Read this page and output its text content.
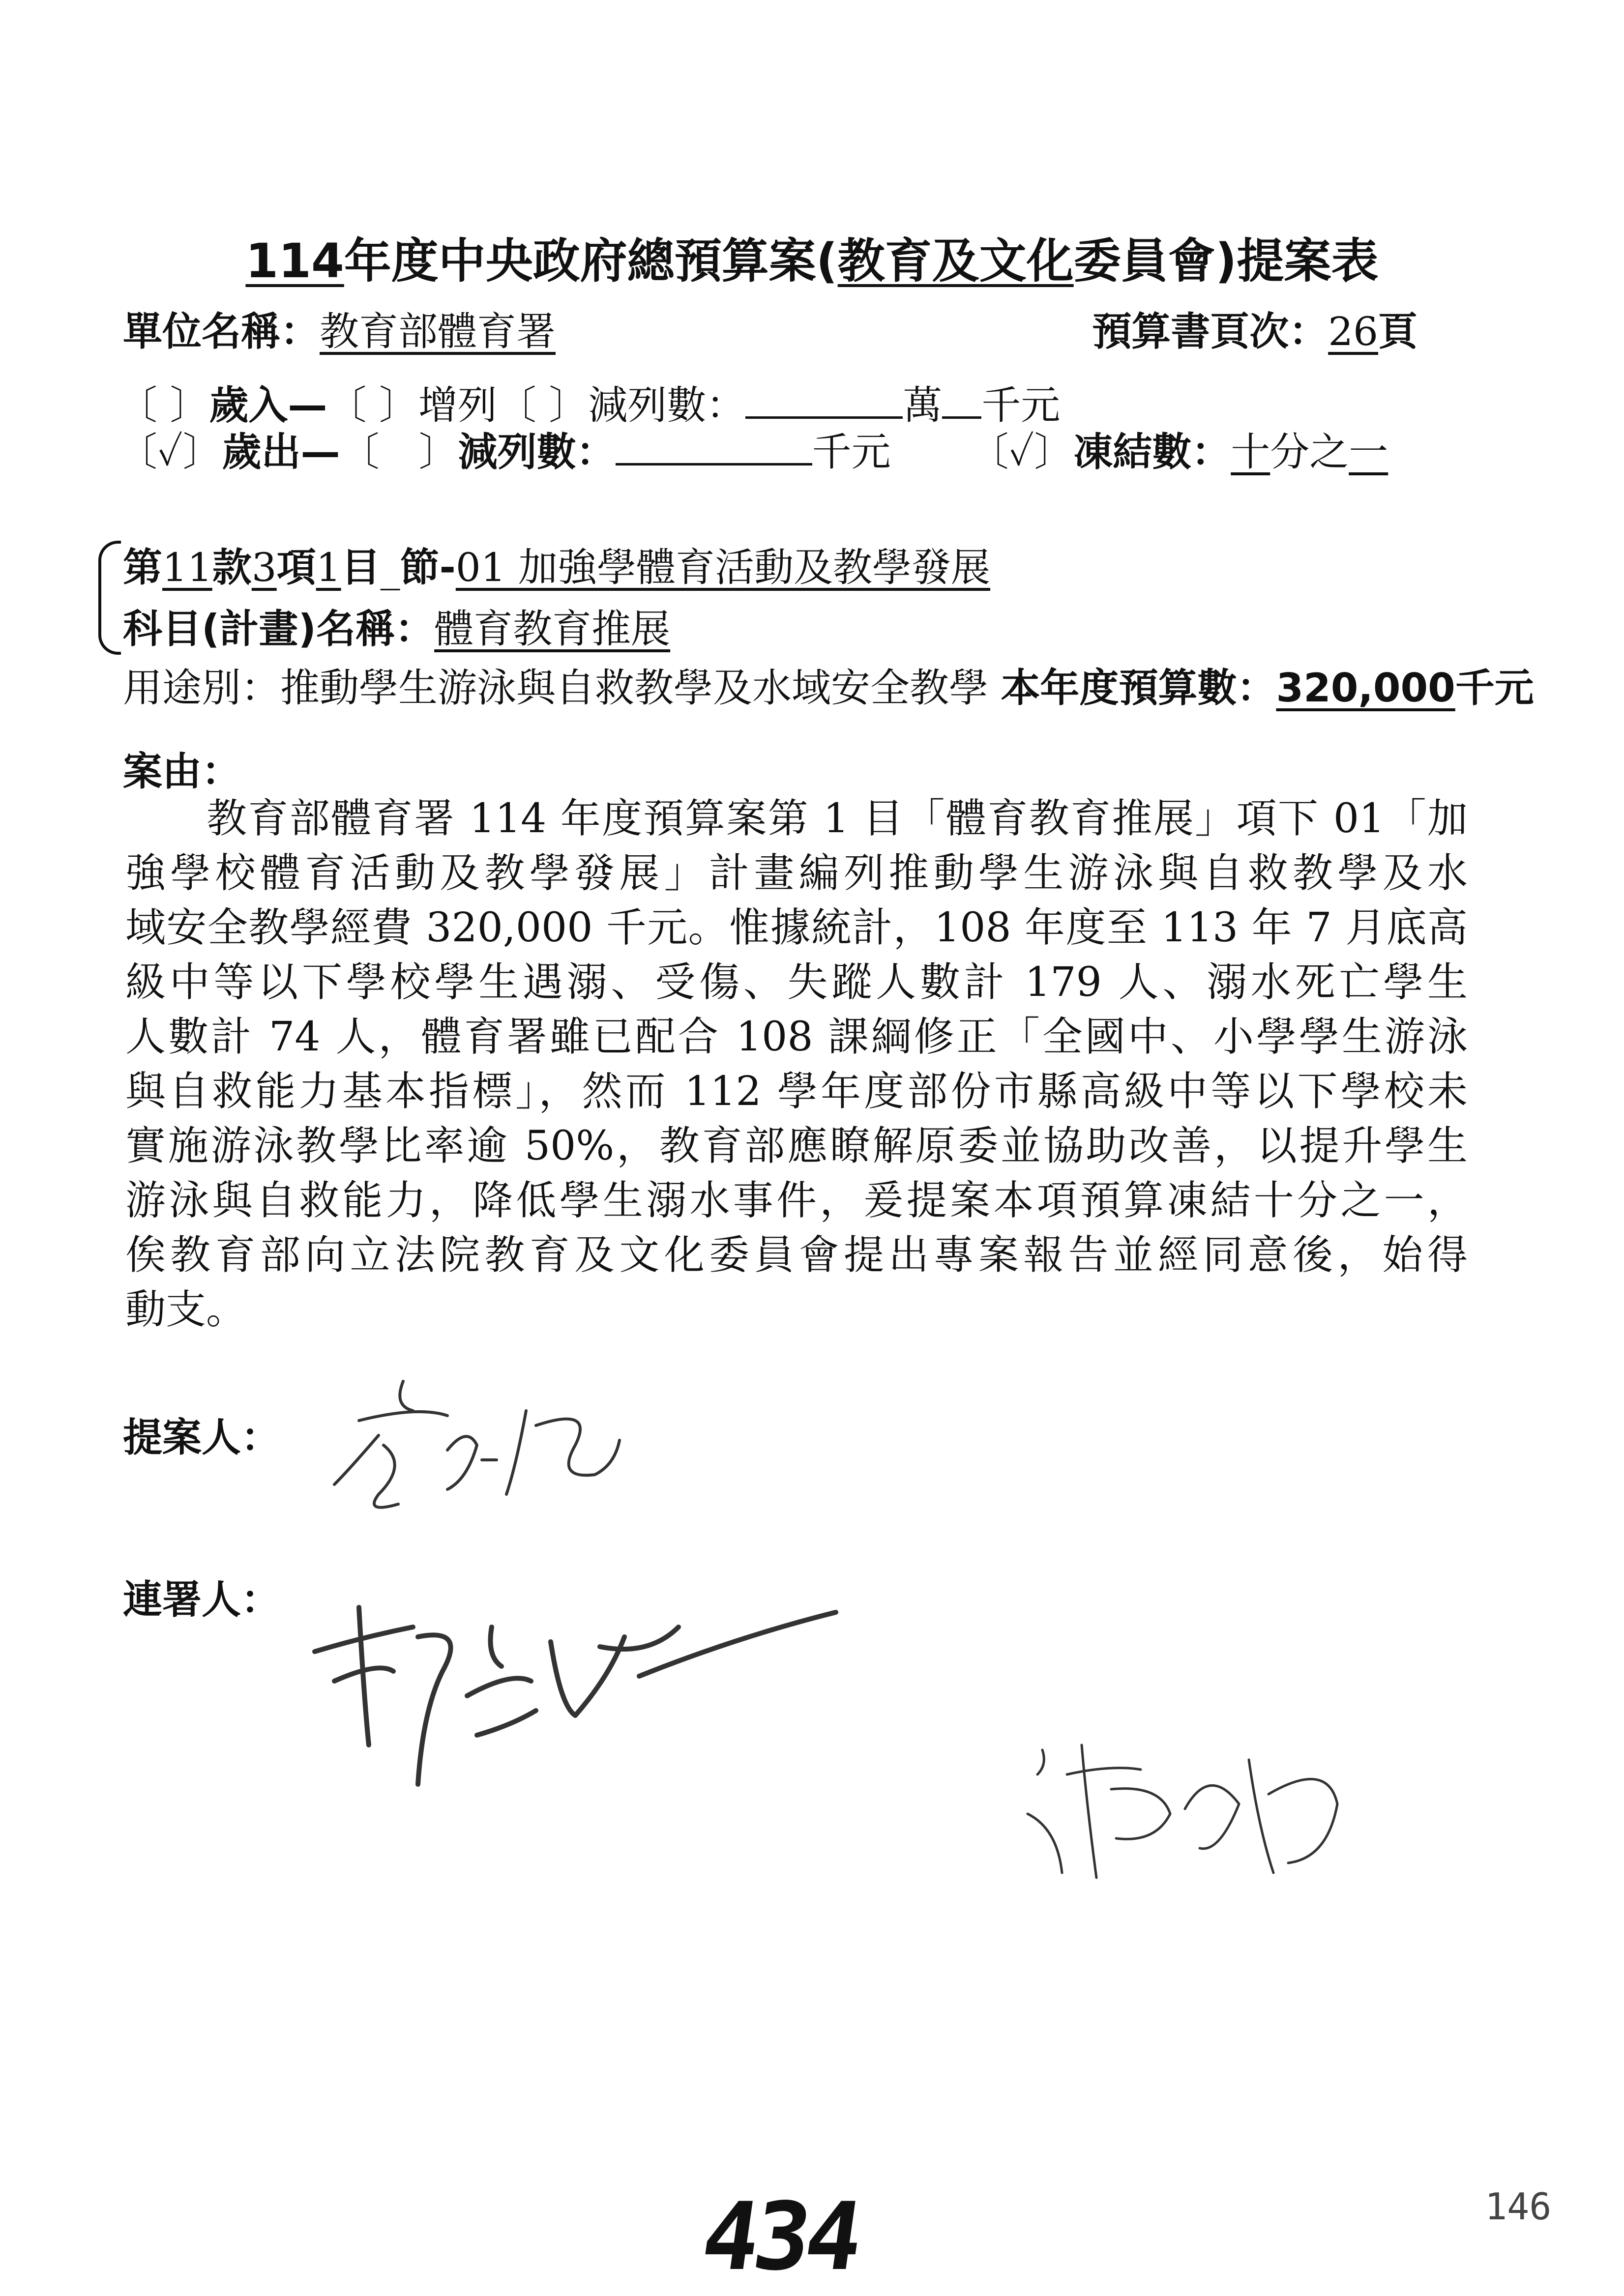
114年度中央政府總預算案(教育及文化委員會)提案表
單位名稱：教育部體育署	預算書頁次：26頁
〔 〕歲入—〔 〕增列〔 〕減列數：	萬 千元
〔✓〕歲出—〔　〕減列數：	千元 〔✓〕凍結數：十分之一
第11款3項1目_節-01 加強學體育活動及教學發展
科目(計畫)名稱：體育教育推展
用途別：推動學生游泳與自救教學及水域安全教學 本年度預算數：320,000千元
案由：
教育部體育署 114 年度預算案第 1 目「體育教育推展」項下 01「加
強學校體育活動及教學發展」計畫編列推動學生游泳與自救教學及水
域安全教學經費 320,000 千元。惟據統計，108 年度至 113 年 7 月底高
級中等以下學校學生遇溺、受傷、失蹤人數計 179 人、溺水死亡學生
人數計 74 人，體育署雖已配合 108 課綱修正「全國中、小學學生游泳
與自救能力基本指標」，然而 112 學年度部份市縣高級中等以下學校未
實施游泳教學比率逾 50%，教育部應瞭解原委並協助改善，以提升學生
游泳與自救能力，降低學生溺水事件，爰提案本項預算凍結十分之一，
俟教育部向立法院教育及文化委員會提出專案報告並經同意後，始得
動支。
提案人：
連署人：
434	146
